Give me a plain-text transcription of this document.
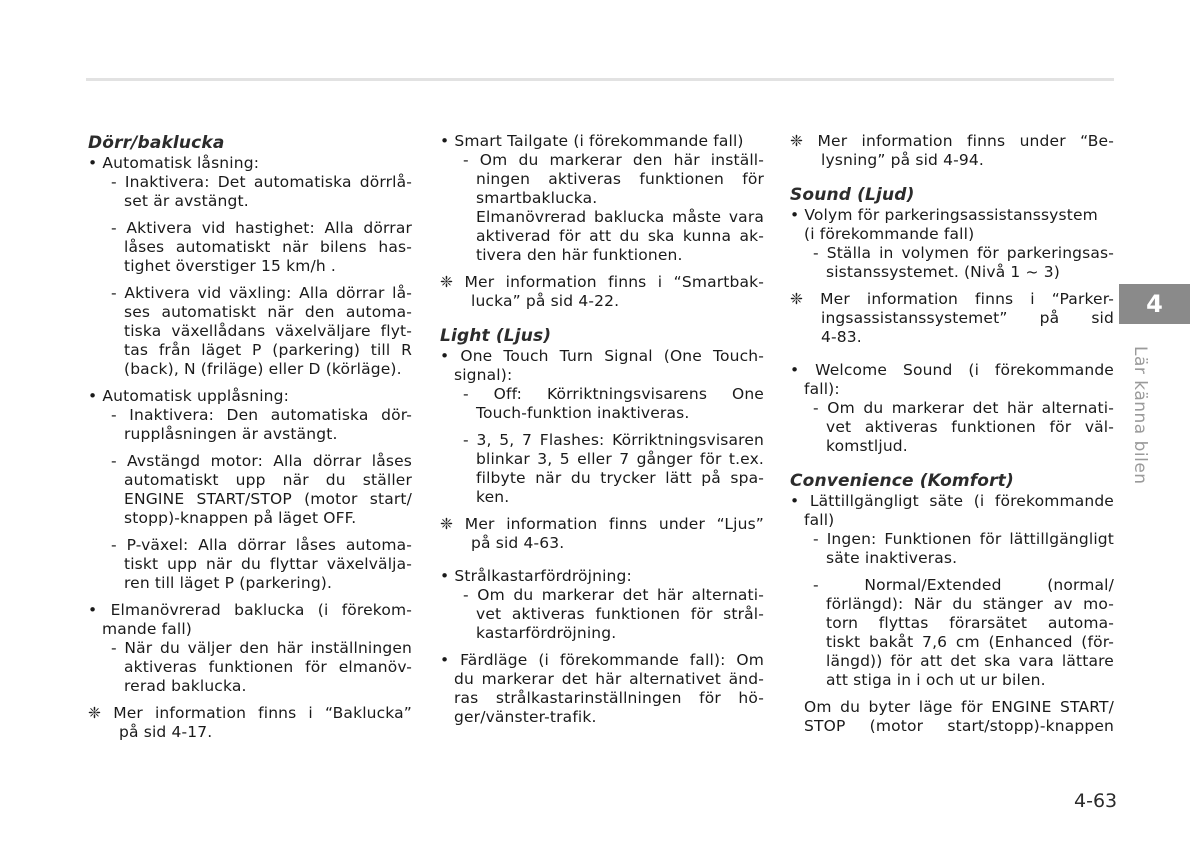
Dörr/baklucka
• Automatisk låsning:
- Inaktivera: Det automatiska dörrlå-
set är avstängt.
- Aktivera vid hastighet: Alla dörrar
låses automatiskt när bilens has-
tighet överstiger 15 km/h .
- Aktivera vid växling: Alla dörrar lå-
ses automatiskt när den automa-
tiska växellådans växelväljare flyt-
tas från läget P (parkering) till R
(back), N (friläge) eller D (körläge).
• Automatisk upplåsning:
- Inaktivera: Den automatiska dör-
rupplåsningen är avstängt.
- Avstängd motor: Alla dörrar låses
automatiskt upp när du ställer
ENGINE START/STOP (motor start/
stopp)-knappen på läget OFF.
- P-växel: Alla dörrar låses automa-
tiskt upp när du flyttar växelvälja-
ren till läget P (parkering).
• Elmanövrerad baklucka (i förekom-
mande fall)
- När du väljer den här inställningen
aktiveras funktionen för elmanöv-
rerad baklucka.
❈ Mer information finns i “Baklucka”
på sid 4-17.
• Smart Tailgate (i förekommande fall)
- Om du markerar den här inställ-
ningen aktiveras funktionen för
smartbaklucka.
Elmanövrerad baklucka måste vara
aktiverad för att du ska kunna ak-
tivera den här funktionen.
❈ Mer information finns i “Smartbak-
lucka” på sid 4-22.
Light (Ljus)
• One Touch Turn Signal (One Touch-
signal):
- Off: Körriktningsvisarens One
Touch-funktion inaktiveras.
- 3, 5, 7 Flashes: Körriktningsvisaren
blinkar 3, 5 eller 7 gånger för t.ex.
filbyte när du trycker lätt på spa-
ken.
❈ Mer information finns under “Ljus”
på sid 4-63.
• Strålkastarfördröjning:
- Om du markerar det här alternati-
vet aktiveras funktionen för strål-
kastarfördröjning.
• Färdläge (i förekommande fall): Om
du markerar det här alternativet änd-
ras strålkastarinställningen för hö-
ger/vänster-trafik.
❈ Mer information finns under “Be-
lysning” på sid 4-94.
Sound (Ljud)
• Volym för parkeringsassistanssystem
(i förekommande fall)
- Ställa in volymen för parkeringsas-
sistanssystemet. (Nivå 1 ~ 3)
❈ Mer information finns i “Parker-
ingsassistanssystemet” på sid
4-83.
• Welcome Sound (i förekommande
fall):
- Om du markerar det här alternati-
vet aktiveras funktionen för väl-
komstljud.
Convenience (Komfort)
• Lättillgängligt säte (i förekommande
fall)
- Ingen: Funktionen för lättillgängligt
säte inaktiveras.
- Normal/Extended (normal/
förlängd): När du stänger av mo-
torn flyttas förarsätet automa-
tiskt bakåt 7,6 cm (Enhanced (för-
längd)) för att det ska vara lättare
att stiga in i och ut ur bilen.
Om du byter läge för ENGINE START/
STOP (motor start/stopp)-knappen
4
Lär känna bilen
4-63
